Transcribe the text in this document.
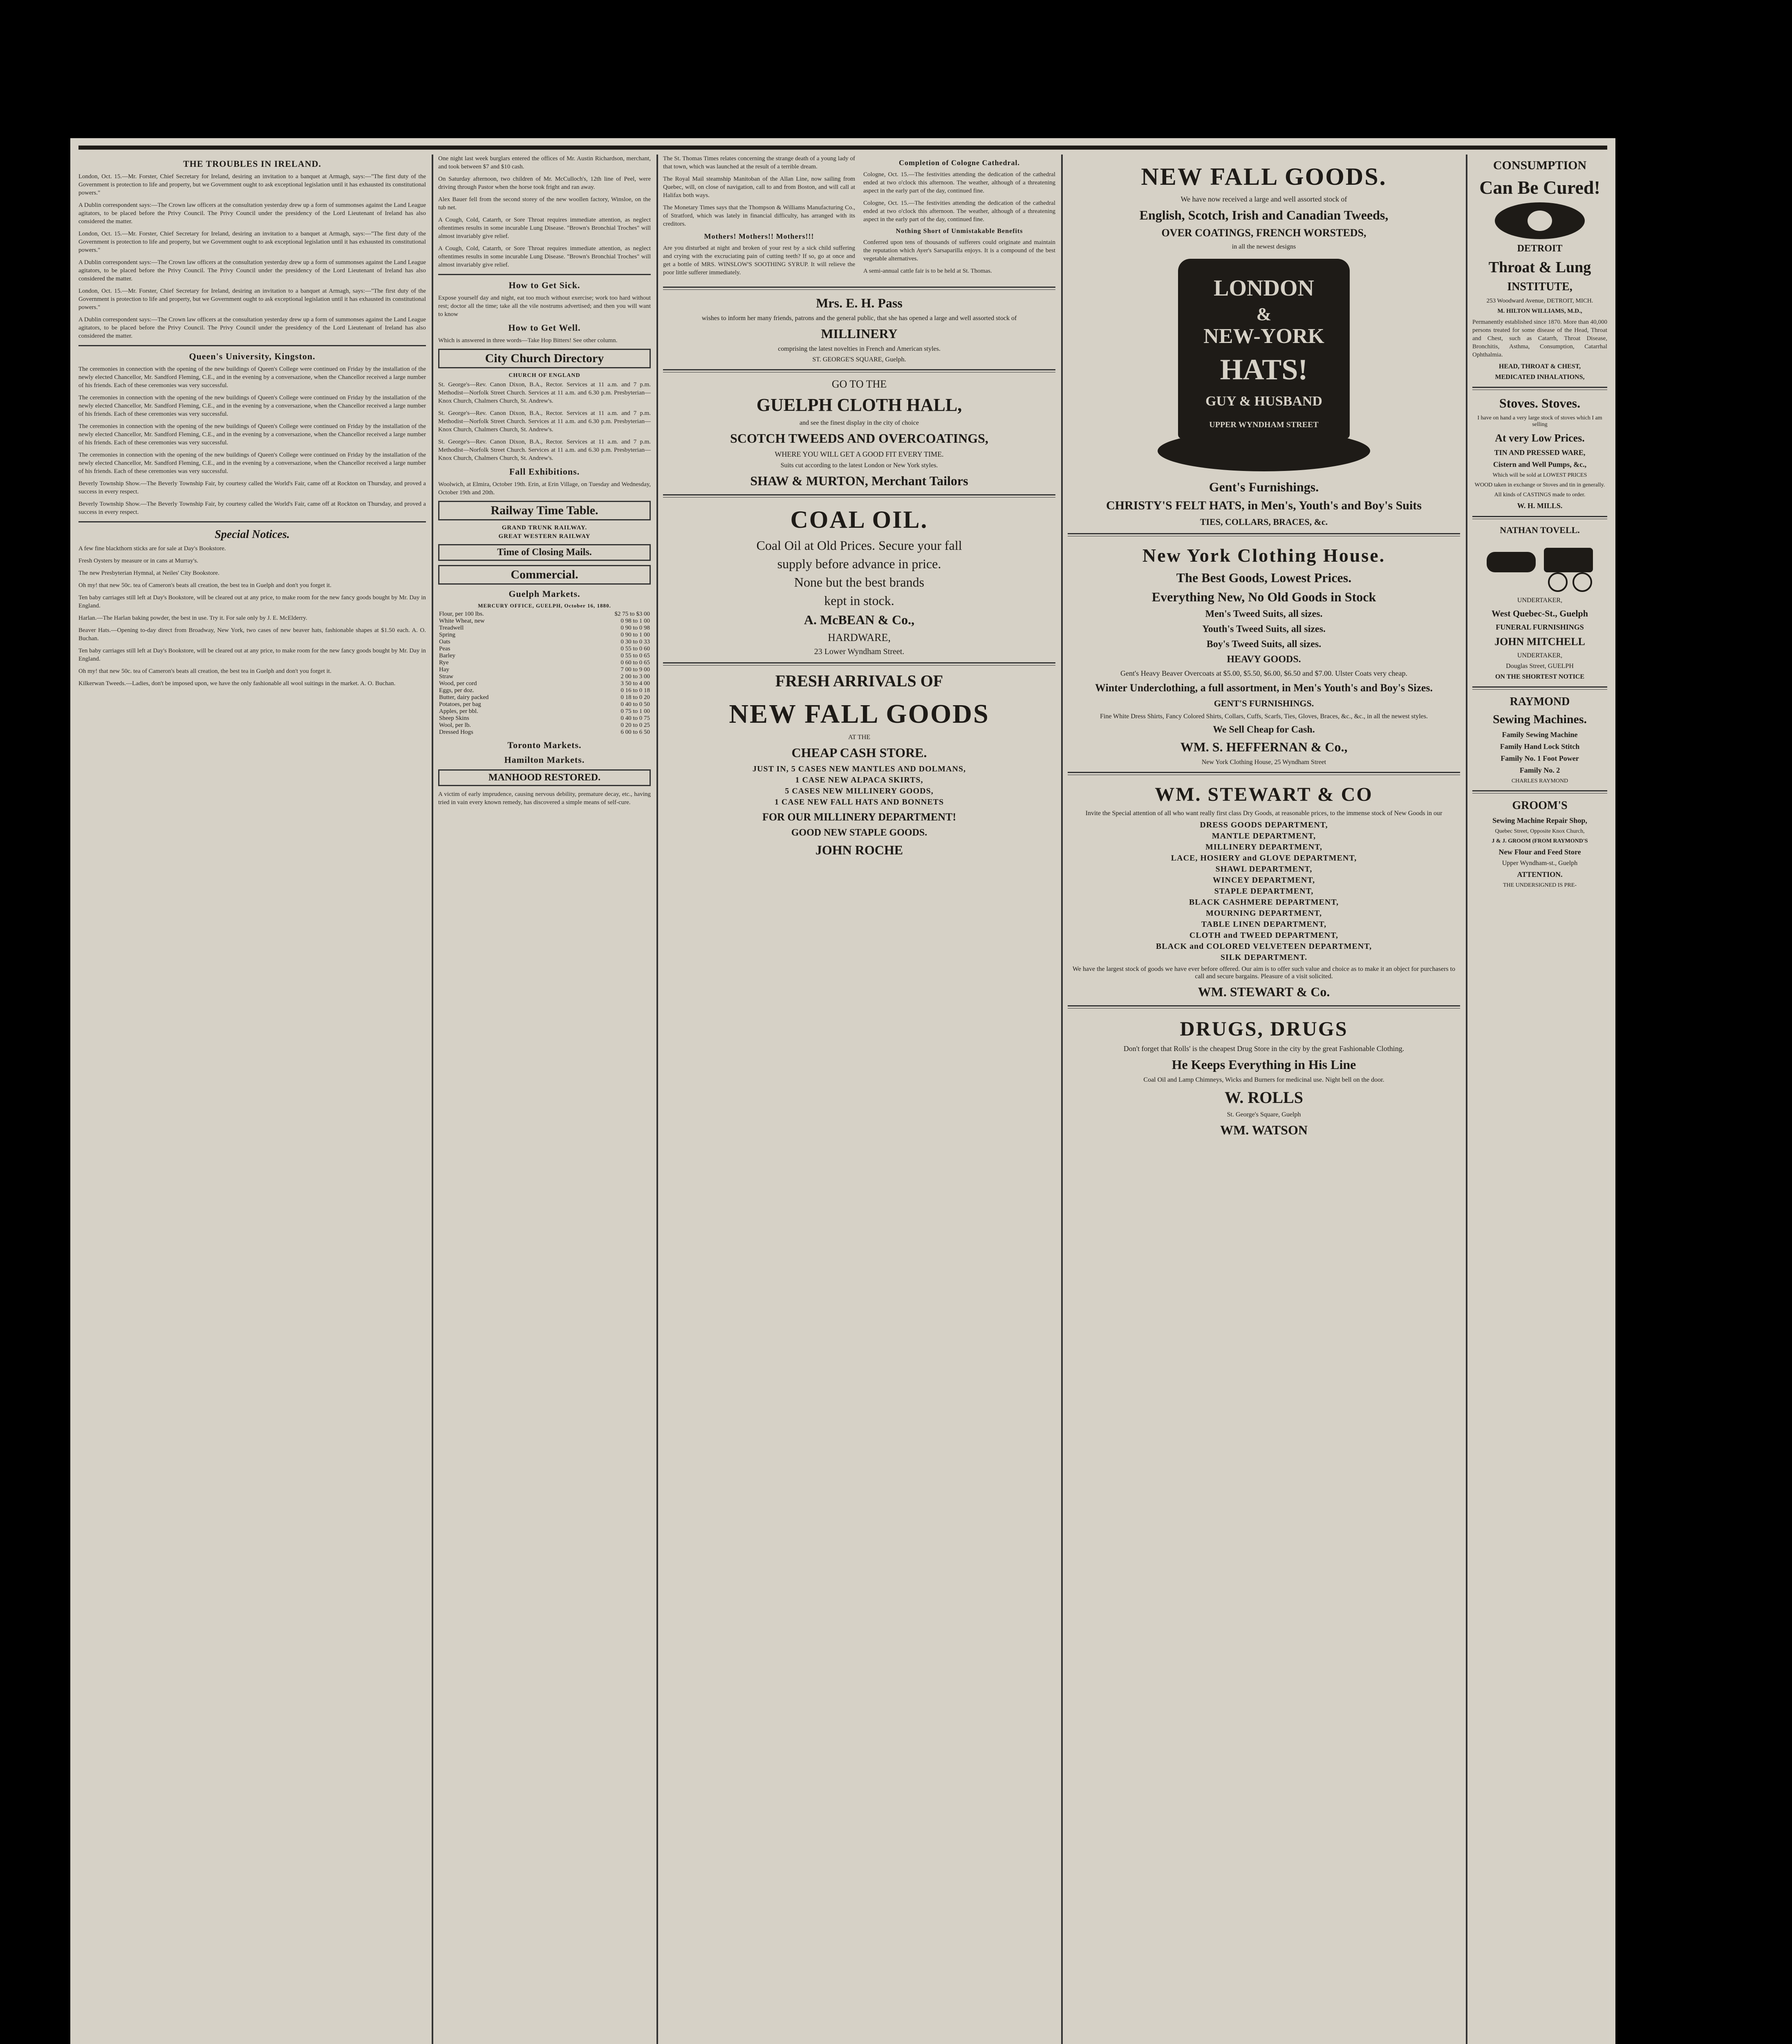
THE TROUBLES IN IRELAND.

London, Oct. 15.—Mr. Forster, Chief Secretary for Ireland, desiring an invitation to a banquet at Armagh, says:—"The first duty of the Government is protection to life and property, but we Government ought to ask exceptional legislation until it has exhausted its constitutional powers."

A Dublin correspondent says:—The Crown law officers at the consultation yesterday drew up a form of summonses against the Land League agitators, to be placed before the Privy Council. The Privy Council under the presidency of the Lord Lieutenant of Ireland has also considered the matter.

London, Oct. 15.—Mr. Forster, Chief Secretary for Ireland, desiring an invitation to a banquet at Armagh, says:—"The first duty of the Government is protection to life and property, but we Government ought to ask exceptional legislation until it has exhausted its constitutional powers."

A Dublin correspondent says:—The Crown law officers at the consultation yesterday drew up a form of summonses against the Land League agitators, to be placed before the Privy Council. The Privy Council under the presidency of the Lord Lieutenant of Ireland has also considered the matter.

London, Oct. 15.—Mr. Forster, Chief Secretary for Ireland, desiring an invitation to a banquet at Armagh, says:—"The first duty of the Government is protection to life and property, but we Government ought to ask exceptional legislation until it has exhausted its constitutional powers."

A Dublin correspondent says:—The Crown law officers at the consultation yesterday drew up a form of summonses against the Land League agitators, to be placed before the Privy Council. The Privy Council under the presidency of the Lord Lieutenant of Ireland has also considered the matter.

Queen's University, Kingston.

The ceremonies in connection with the opening of the new buildings of Queen's College were continued on Friday by the installation of the newly elected Chancellor, Mr. Sandford Fleming, C.E., and in the evening by a conversazione, when the Chancellor received a large number of his friends. Each of these ceremonies was very successful.

The ceremonies in connection with the opening of the new buildings of Queen's College were continued on Friday by the installation of the newly elected Chancellor, Mr. Sandford Fleming, C.E., and in the evening by a conversazione, when the Chancellor received a large number of his friends. Each of these ceremonies was very successful.

The ceremonies in connection with the opening of the new buildings of Queen's College were continued on Friday by the installation of the newly elected Chancellor, Mr. Sandford Fleming, C.E., and in the evening by a conversazione, when the Chancellor received a large number of his friends. Each of these ceremonies was very successful.

The ceremonies in connection with the opening of the new buildings of Queen's College were continued on Friday by the installation of the newly elected Chancellor, Mr. Sandford Fleming, C.E., and in the evening by a conversazione, when the Chancellor received a large number of his friends. Each of these ceremonies was very successful.

Beverly Township Show.—The Beverly Township Fair, by courtesy called the World's Fair, came off at Rockton on Thursday, and proved a success in every respect.

Beverly Township Show.—The Beverly Township Fair, by courtesy called the World's Fair, came off at Rockton on Thursday, and proved a success in every respect.

Special Notices.

A few fine blackthorn sticks are for sale at Day's Bookstore.

Fresh Oysters by measure or in cans at Murray's.

The new Presbyterian Hymnal, at Neiles' City Bookstore.

Oh my! that new 50c. tea of Cameron's beats all creation, the best tea in Guelph and don't you forget it.

Ten baby carriages still left at Day's Bookstore, will be cleared out at any price, to make room for the new fancy goods bought by Mr. Day in England.

Harlan.—The Harlan baking powder, the best in use. Try it. For sale only by J. E. McElderry.

Beaver Hats.—Opening to-day direct from Broadway, New York, two cases of new beaver hats, fashionable shapes at $1.50 each. A. O. Buchan.

Ten baby carriages still left at Day's Bookstore, will be cleared out at any price, to make room for the new fancy goods bought by Mr. Day in England.

Oh my! that new 50c. tea of Cameron's beats all creation, the best tea in Guelph and don't you forget it.

Kilkerwan Tweeds.—Ladies, don't be imposed upon, we have the only fashionable all wool suitings in the market. A. O. Buchan.

One night last week burglars entered the offices of Mr. Austin Richardson, merchant, and took between $7 and $10 cash.

On Saturday afternoon, two children of Mr. McCulloch's, 12th line of Peel, were driving through Pastor when the horse took fright and ran away.

Alex Bauer fell from the second storey of the new woollen factory, Winsloe, on the tub net.

A Cough, Cold, Catarrh, or Sore Throat requires immediate attention, as neglect oftentimes results in some incurable Lung Disease. "Brown's Bronchial Troches" will almost invariably give relief.

A Cough, Cold, Catarrh, or Sore Throat requires immediate attention, as neglect oftentimes results in some incurable Lung Disease. "Brown's Bronchial Troches" will almost invariably give relief.

How to Get Sick.

Expose yourself day and night, eat too much without exercise; work too hard without rest; doctor all the time; take all the vile nostrums advertised; and then you will want to know

How to Get Well.

Which is answered in three words—Take Hop Bitters! See other column.

City Church Directory
CHURCH OF ENGLAND

St. George's—Rev. Canon Dixon, B.A., Rector. Services at 11 a.m. and 7 p.m. Methodist—Norfolk Street Church. Services at 11 a.m. and 6.30 p.m. Presbyterian—Knox Church, Chalmers Church, St. Andrew's.

St. George's—Rev. Canon Dixon, B.A., Rector. Services at 11 a.m. and 7 p.m. Methodist—Norfolk Street Church. Services at 11 a.m. and 6.30 p.m. Presbyterian—Knox Church, Chalmers Church, St. Andrew's.

St. George's—Rev. Canon Dixon, B.A., Rector. Services at 11 a.m. and 7 p.m. Methodist—Norfolk Street Church. Services at 11 a.m. and 6.30 p.m. Presbyterian—Knox Church, Chalmers Church, St. Andrew's.

Fall Exhibitions.

Woolwich, at Elmira, October 19th. Erin, at Erin Village, on Tuesday and Wednesday, October 19th and 20th.

Railway Time Table.
GRAND TRUNK RAILWAY.
GREAT WESTERN RAILWAY
Time of Closing Mails.
Commercial.
Guelph Markets.
MERCURY OFFICE, GUELPH, October 16, 1880.
Flour, per 100 lbs.	$2 75 to $3 00
White Wheat, new	0 98 to 1 00
Treadwell	0 90 to 0 98
Spring	0 90 to 1 00
Oats	0 30 to 0 33
Peas	0 55 to 0 60
Barley	0 55 to 0 65
Rye	0 60 to 0 65
Hay	7 00 to 9 00
Straw	2 00 to 3 00
Wood, per cord	3 50 to 4 00
Eggs, per doz.	0 16 to 0 18
Butter, dairy packed	0 18 to 0 20
Potatoes, per bag	0 40 to 0 50
Apples, per bbl.	0 75 to 1 00
Sheep Skins	0 40 to 0 75
Wool, per lb.	0 20 to 0 25
Dressed Hogs	6 00 to 6 50
Toronto Markets.
Hamilton Markets.
MANHOOD RESTORED.

A victim of early imprudence, causing nervous debility, premature decay, etc., having tried in vain every known remedy, has discovered a simple means of self-cure.

The St. Thomas Times relates concerning the strange death of a young lady of that town, which was launched at the result of a terrible dream.

The Royal Mail steamship Manitoban of the Allan Line, now sailing from Quebec, will, on close of navigation, call to and from Boston, and will call at Halifax both ways.

The Monetary Times says that the Thompson & Williams Manufacturing Co., of Stratford, which was lately in financial difficulty, has arranged with its creditors.

Mothers! Mothers!! Mothers!!!

Are you disturbed at night and broken of your rest by a sick child suffering and crying with the excruciating pain of cutting teeth? If so, go at once and get a bottle of MRS. WINSLOW'S SOOTHING SYRUP. It will relieve the poor little sufferer immediately.

Completion of Cologne Cathedral.

Cologne, Oct. 15.—The festivities attending the dedication of the cathedral ended at two o'clock this afternoon. The weather, although of a threatening aspect in the early part of the day, continued fine.

Cologne, Oct. 15.—The festivities attending the dedication of the cathedral ended at two o'clock this afternoon. The weather, although of a threatening aspect in the early part of the day, continued fine.

Nothing Short of Unmistakable Benefits

Conferred upon tens of thousands of sufferers could originate and maintain the reputation which Ayer's Sarsaparilla enjoys. It is a compound of the best vegetable alternatives.

A semi-annual cattle fair is to be held at St. Thomas.

Mrs. E. H. Pass
wishes to inform her many friends, patrons and the general public, that she has opened a large and well assorted stock of
MILLINERY
comprising the latest novelties in French and American styles.
ST. GEORGE'S SQUARE, Guelph.
GO TO THE
GUELPH CLOTH HALL,
and see the finest display in the city of choice
SCOTCH TWEEDS AND OVERCOATINGS,
WHERE YOU WILL GET A GOOD FIT EVERY TIME.
Suits cut according to the latest London or New York styles.
SHAW & MURTON, Merchant Tailors
COAL OIL.
Coal Oil at Old Prices. Secure your fall
supply before advance in price.
None but the best brands
kept in stock.
A. McBEAN & Co.,
HARDWARE,
23 Lower Wyndham Street.
FRESH ARRIVALS OF
NEW FALL GOODS
AT THE
CHEAP CASH STORE.
JUST IN, 5 CASES NEW MANTLES AND DOLMANS,
1 CASE NEW ALPACA SKIRTS,
5 CASES NEW MILLINERY GOODS,
1 CASE NEW FALL HATS AND BONNETS
FOR OUR MILLINERY DEPARTMENT!
GOOD NEW STAPLE GOODS.
JOHN ROCHE
NEW FALL GOODS.
We have now received a large and well assorted stock of
English, Scotch, Irish and Canadian Tweeds,
OVER COATINGS, FRENCH WORSTEDS,
in all the newest designs
LONDON
&
NEW-YORK
HATS!
GUY & HUSBAND
UPPER WYNDHAM STREET
Gent's Furnishings.
CHRISTY'S FELT HATS, in Men's, Youth's and Boy's Suits
TIES, COLLARS, BRACES, &c.
New York Clothing House.
The Best Goods, Lowest Prices.
Everything New, No Old Goods in Stock
Men's Tweed Suits, all sizes.
Youth's Tweed Suits, all sizes.
Boy's Tweed Suits, all sizes.
HEAVY GOODS.
Gent's Heavy Beaver Overcoats at $5.00, $5.50, $6.00, $6.50 and $7.00. Ulster Coats very cheap.
Winter Underclothing, a full assortment, in Men's Youth's and Boy's Sizes.
GENT'S FURNISHINGS.
Fine White Dress Shirts, Fancy Colored Shirts, Collars, Cuffs, Scarfs, Ties, Gloves, Braces, &c., &c., in all the newest styles.
We Sell Cheap for Cash.
WM. S. HEFFERNAN & Co.,
New York Clothing House, 25 Wyndham Street
WM. STEWART & CO
Invite the Special attention of all who want really first class Dry Goods, at reasonable prices, to the immense stock of New Goods in our
DRESS GOODS DEPARTMENT,
MANTLE DEPARTMENT,
MILLINERY DEPARTMENT,
LACE, HOSIERY and GLOVE DEPARTMENT,
SHAWL DEPARTMENT,
WINCEY DEPARTMENT,
STAPLE DEPARTMENT,
BLACK CASHMERE DEPARTMENT,
MOURNING DEPARTMENT,
TABLE LINEN DEPARTMENT,
CLOTH and TWEED DEPARTMENT,
BLACK and COLORED VELVETEEN DEPARTMENT,
SILK DEPARTMENT.
We have the largest stock of goods we have ever before offered. Our aim is to offer such value and choice as to make it an object for purchasers to call and secure bargains. Pleasure of a visit solicited.
WM. STEWART & Co.
DRUGS, DRUGS
Don't forget that Rolls' is the cheapest Drug Store in the city by the great Fashionable Clothing.
He Keeps Everything in His Line
Coal Oil and Lamp Chimneys, Wicks and Burners for medicinal use. Night bell on the door.
W. ROLLS
St. George's Square, Guelph
WM. WATSON
CONSUMPTION
Can Be Cured!
DETROIT
Throat & Lung
INSTITUTE,
253 Woodward Avenue, DETROIT, MICH.
M. HILTON WILLIAMS, M.D.,

Permanently established since 1870. More than 40,000 persons treated for some disease of the Head, Throat and Chest, such as Catarrh, Throat Disease, Bronchitis, Asthma, Consumption, Catarrhal Ophthalmia.

HEAD, THROAT & CHEST,
MEDICATED INHALATIONS,
Stoves. Stoves.
I have on hand a very large stock of stoves which I am selling
At very Low Prices.
TIN AND PRESSED WARE,
Cistern and Well Pumps, &c.,
Which will be sold at LOWEST PRICES
WOOD taken in exchange or Stoves and tin in generally.
All kinds of CASTINGS made to order.
W. H. MILLS.
NATHAN TOVELL.
UNDERTAKER,
West Quebec-St., Guelph
FUNERAL FURNISHINGS
JOHN MITCHELL
UNDERTAKER,
Douglas Street, GUELPH
ON THE SHORTEST NOTICE
RAYMOND
Sewing Machines.
Family Sewing Machine
Family Hand Lock Stitch
Family No. 1 Foot Power
Family No. 2
CHARLES RAYMOND
GROOM'S
Sewing Machine Repair Shop,
Quebec Street, Opposite Knox Church,
J & J. GROOM (FROM RAYMOND'S
New Flour and Feed Store
Upper Wyndham-st., Guelph
ATTENTION.
THE UNDERSIGNED IS PRE-
